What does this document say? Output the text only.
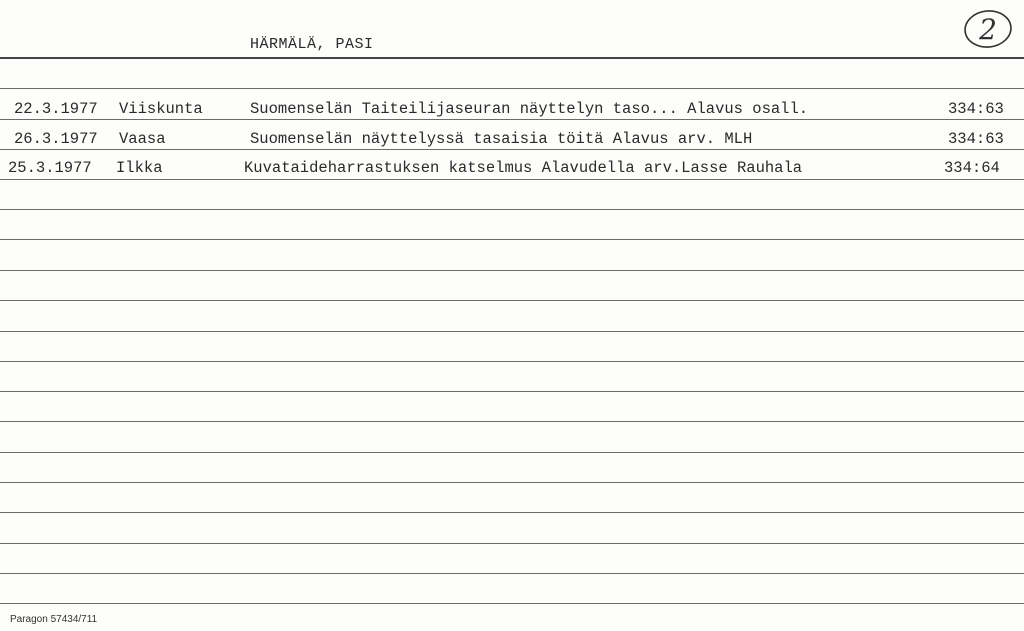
HÄRMÄLÄ, PASI	2
22.3.1977 Viiskunta	Suomenselän Taiteilijaseuran näyttelyn taso... Alavus osall.	334:63
26.3.1977 Vaasa	Suomenselän näyttelyssä tasaisia töitä Alavus arv. MLH	334:63
25.3.1977 Ilkka	Kuvataideharrastuksen katselmus Alavudella arv.Lasse Rauhala	334:64
Paragon 57434/711
